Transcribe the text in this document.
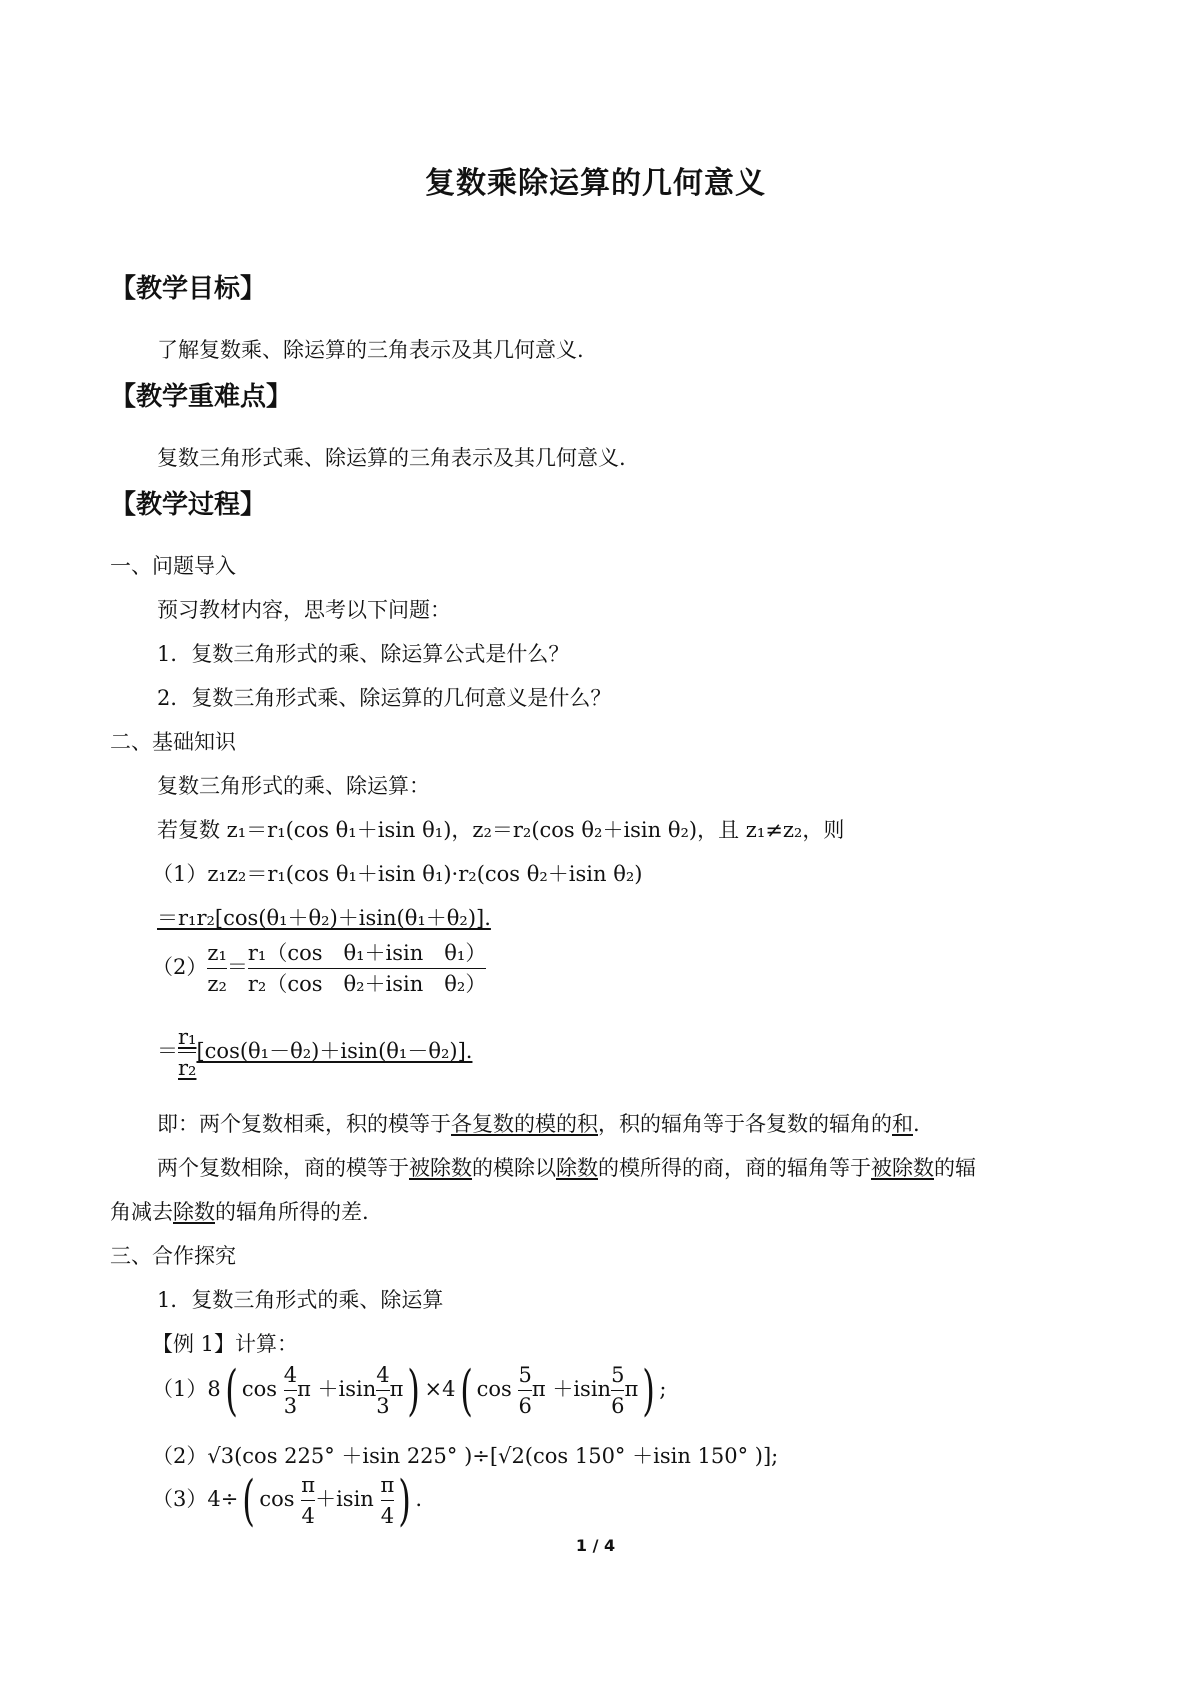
复数乘除运算的几何意义
【教学目标】
了解复数乘、除运算的三角表示及其几何意义.
【教学重难点】
复数三角形式乘、除运算的三角表示及其几何意义.
【教学过程】
一、问题导入
预习教材内容，思考以下问题：
1．复数三角形式的乘、除运算公式是什么？
2．复数三角形式乘、除运算的几何意义是什么？
二、基础知识
复数三角形式的乘、除运算：
若复数 z₁＝r₁(cos θ₁＋isin θ₁)，z₂＝r₂(cos θ₂＋isin θ₂)，且 z₁≠z₂，则
（1）z₁z₂＝r₁(cos θ₁＋isin θ₁)·r₂(cos θ₂＋isin θ₂)
＝r₁r₂[cos(θ₁＋θ₂)＋isin(θ₁＋θ₂)].
$(2) \frac{\text{z₁}}{\text{z₂}} = \frac{\text{r₁（cos　θ₁＋isin　θ₁）}}{\text{r₂（cos　θ₂＋isin　θ₂）}}$
＝ $\frac{\text{r₁}}{\text{r₂}} [\cos(\theta_1-\theta_2)+isin(\theta_1-\theta_2)]$.
即：两个复数相乘，积的模等于各复数的模的积，积的辐角等于各复数的辐角的和.
两个复数相除，商的模等于被除数的模除以除数的模所得的商，商的辐角等于被除数的辐
角减去除数的辐角所得的差.
三、合作探究
1．复数三角形式的乘、除运算
【例 1】计算：
（1）8( $\cos \frac{4}{3}$ $\pi +isin \frac{4}{3} \pi) \times 4$( $\cos \frac{5}{6}$ $\pi +isin \frac{5}{6} \pi$) ;
（2）√3(cos 225° ＋isin 225° )÷[√2(cos 150° ＋isin 150° )];
（3）4÷( $\cos \frac{\pi}{4} +isin \frac{\pi}{4}$ ) .
1 / 4
